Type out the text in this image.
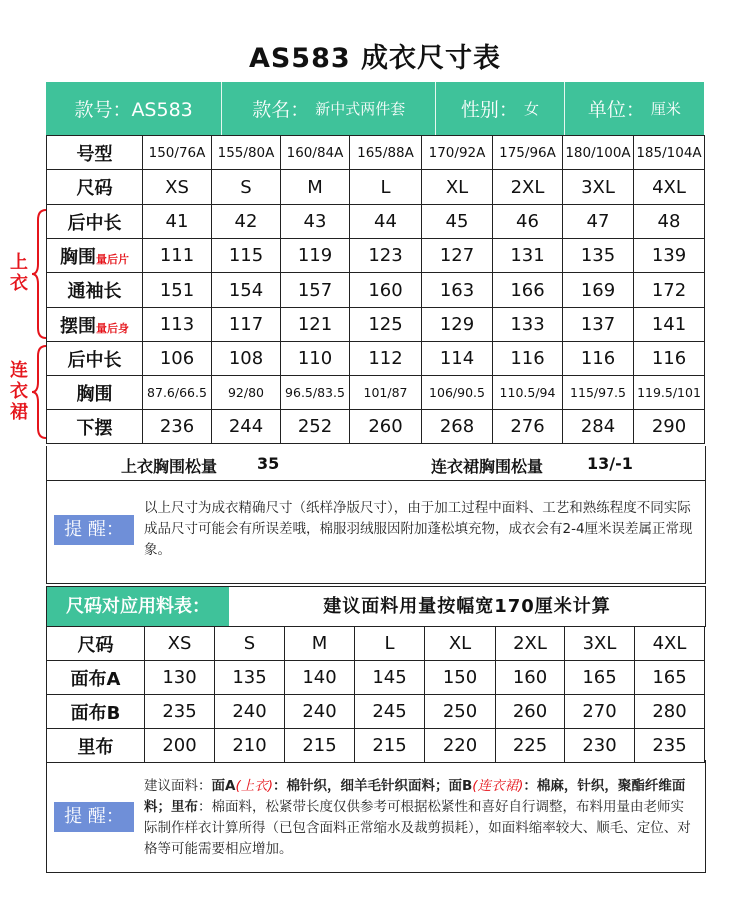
AS583 成衣尺寸表
款号：AS583	款名： 新中式两件套	性别： 女	单位： 厘米
号型	150/76A	155/80A	160/84A	165/88A	170/92A	175/96A	180/100A	185/104A
尺码	XS	S	M	L	XL	2XL	3XL	4XL
后中长	41	42	43	44	45	46	47	48
胸围量后片	111	115	119	123	127	131	135	139
通袖长	151	154	157	160	163	166	169	172
摆围量后身	113	117	121	125	129	133	137	141
后中长	106	108	110	112	114	116	116	116
胸围	87.6/66.5	92/80	96.5/83.5	101/87	106/90.5	110.5/94	115/97.5	119.5/101
下摆	236	244	252	260	268	276	284	290
上衣
连衣裙
上衣胸围松量 35	连衣裙胸围松量	13/-1
提 醒：
以上尺寸为成衣精确尺寸（纸样净版尺寸），由于加工过程中面料、工艺和熟练程度不同实际成品尺寸可能会有所误差哦，棉服羽绒服因附加蓬松填充物，成衣会有2-4厘米误差属正常现象。
尺码对应用料表：	建议面料用量按幅宽170厘米计算
尺码	XS	S	M	L	XL	2XL	3XL	4XL
面布A	130	135	140	145	150	160	165	165
面布B	235	240	240	245	250	260	270	280
里布	200	210	215	215	220	225	230	235
提 醒：
建议面料：面A(上衣)：棉针织，细羊毛针织面料；面B(连衣裙)：棉麻，针织，聚酯纤维面料；里布：棉面料，松紧带长度仅供参考可根据松紧性和喜好自行调整，布料用量由老师实际制作样衣计算所得（已包含面料正常缩水及裁剪损耗），如面料缩率较大、顺毛、定位、对格等可能需要相应增加。
